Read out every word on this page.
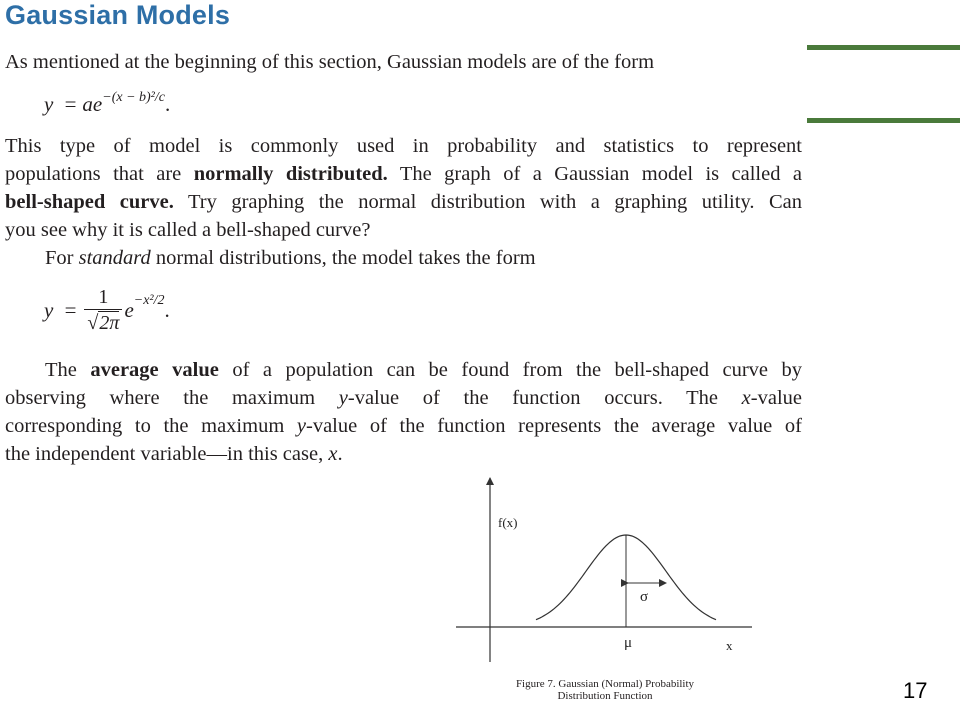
Gaussian Models

As mentioned at the beginning of this section, Gaussian models are of the form

$y = ae^{-(x - b)^2/c}$.
This type of model is commonly used in probability and statistics to represent
populations that are normally distributed. The graph of a Gaussian model is called a
bell-shaped curve. Try graphing the normal distribution with a graphing utility. Can
you see why it is called a bell-shaped curve?
For standard normal distributions, the model takes the form
$y = \frac{1}{√2\pi} e^{-x^2/2}$.
The average value of a population can be found from the bell-shaped curve by
observing where the maximum y-value of the function occurs. The x-value
corresponding to the maximum y-value of the function represents the average value of
the independent variable—in this case, x.
f(x)
x
μ
σ
Figure 7. Gaussian (Normal) Probability
Distribution Function	17
